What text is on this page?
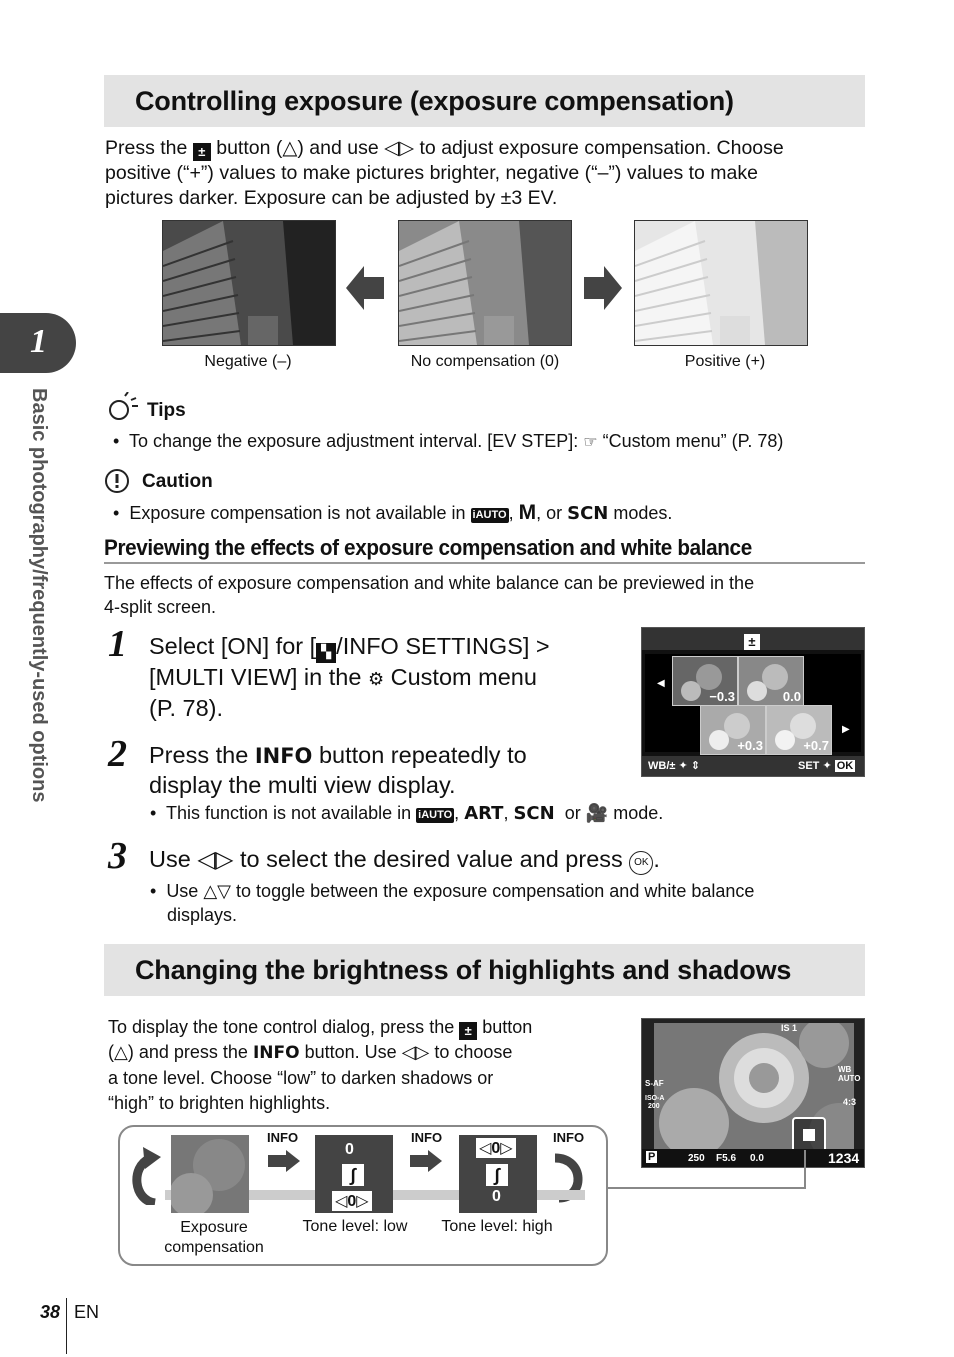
1
Basic photography/frequently-used options
Controlling exposure (exposure compensation)
Press the ± button (△) and use ◁▷ to adjust exposure compensation. Choose
positive (“+”) values to make pictures brighter, negative (“–”) values to make
pictures darker. Exposure can be adjusted by ±3 EV.
Negative (–)	No compensation (0)	Positive (+)
Tips
•  To change the exposure adjustment interval. [EV STEP]: ☞ “Custom menu” (P. 78)
Caution
•  Exposure compensation is not available in iAUTO , M, or SCN modes.
Previewing the effects of exposure compensation and white balance
The effects of exposure compensation and white balance can be previewed in the
4-split screen.
1 Select [ON] for [ ▚ /INFO SETTINGS] >
[MULTI VIEW] in the ⚙ Custom menu
(P. 78).
±
◀
▶
−0.3	0.0
+0.3	+0.7
WB/± ✦ ⇕	SET ✦ OK
2 Press the INFO button repeatedly to
display the multi view display.
•  This function is not available in iAUTO , ART, SCN or 🎥 mode.
3 Use ◁▷ to select the desired value and press OK .
•  Use △▽ to toggle between the exposure compensation and white balance
displays.
Changing the brightness of highlights and shadows
To display the tone control dialog, press the ± button
(△) and press the INFO button. Use ◁▷ to choose
a tone level. Choose “low” to darken shadows or
“high” to brighten highlights.
IS 1
WB AUTO
S-AF
ISO-A
200	4:3
P	250 F5.6 0.0	1234
0
∫
◁0▷
◁0▷
∫
0
INFO	INFO	INFO
Exposure
compensation
Tone level: low	Tone level: high
38 EN
